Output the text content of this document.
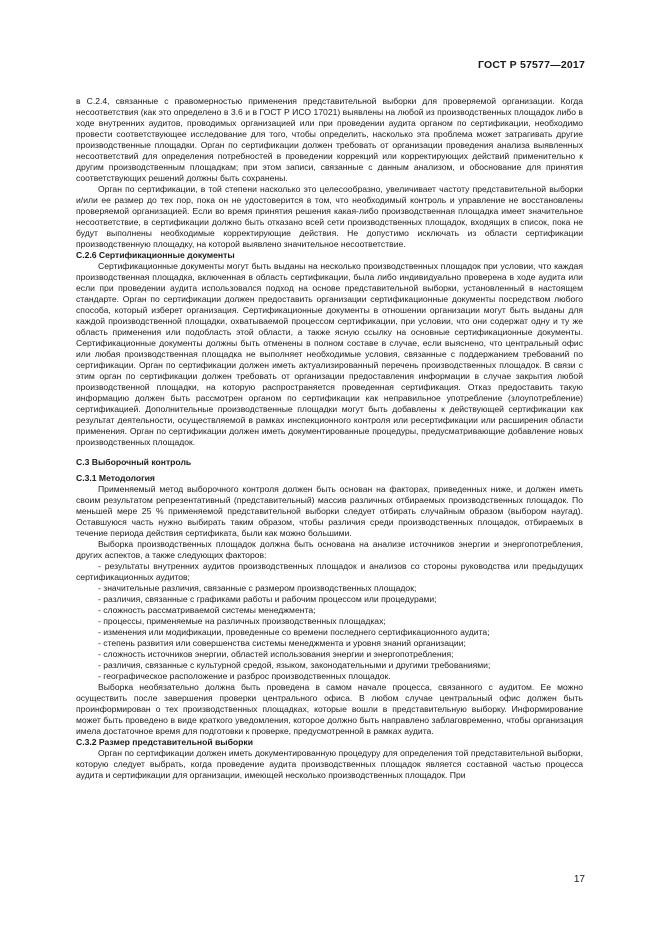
ГОСТ Р 57577—2017

в С.2.4, связанные с правомерностью применения представительной выборки для проверяемой организации. Когда несоответствия (как это определено в 3.6 и в ГОСТ Р ИСО 17021) выявлены на любой из производственных площадок либо в ходе внутренних аудитов, проводимых организацией или при проведении аудита органом по сертификации, необходимо провести соответствующее исследование для того, чтобы определить, насколько эта проблема может затрагивать другие производственные площадки. Орган по сертификации должен требовать от организации проведения анализа выявленных несоответствий для определения потребностей в проведении коррекций или корректирующих действий применительно к другим производственным площадкам; при этом записи, связанные с данным анализом, и обоснование для принятия соответствующих решений должны быть сохранены.

Орган по сертификации, в той степени насколько это целесообразно, увеличивает частоту представительной выборки и/или ее размер до тех пор, пока он не удостоверится в том, что необходимый контроль и управление не восстановлены проверяемой организацией. Если во время принятия решения какая-либо производственная площадка имеет значительное несоответствие, в сертификации должно быть отказано всей сети производственных площадок, входящих в список, пока не будут выполнены необходимые корректирующие действия. Не допустимо исключать из области сертификации производственную площадку, на которой выявлено значительное несоответствие.

С.2.6 Сертификационные документы

Сертификационные документы могут быть выданы на несколько производственных площадок при условии, что каждая производственная площадка, включенная в область сертификации, была либо индивидуально проверена в ходе аудита или если при проведении аудита использовался подход на основе представительной выборки, установленный в настоящем стандарте. Орган по сертификации должен предоставить организации сертификационные документы посредством любого способа, который изберет организация. Сертификационные документы в отношении организации могут быть выданы для каждой производственной площадки, охватываемой процессом сертификации, при условии, что они содержат одну и ту же область применения или подобласть этой области, а также ясную ссылку на основные сертификационные документы. Сертификационные документы должны быть отменены в полном составе в случае, если выяснено, что центральный офис или любая производственная площадка не выполняет необходимые условия, связанные с поддержанием требований по сертификации. Орган по сертификации должен иметь актуализированный перечень производственных площадок. В связи с этим орган по сертификации должен требовать от организации предоставления информации в случае закрытия любой производственной площадки, на которую распространяется проведенная сертификация. Отказ предоставить такую информацию должен быть рассмотрен органом по сертификации как неправильное употребление (злоупотребление) сертификацией. Дополнительные производственные площадки могут быть добавлены к действующей сертификации как результат деятельности, осуществляемой в рамках инспекционного контроля или ресертификации или расширения области применения. Орган по сертификации должен иметь документированные процедуры, предусматривающие добавление новых производственных площадок.

С.3 Выборочный контроль

С.3.1 Методология

Применяемый метод выборочного контроля должен быть основан на факторах, приведенных ниже, и должен иметь своим результатом репрезентативный (представительный) массив различных отбираемых производственных площадок. По меньшей мере 25 % применяемой представительной выборки следует отбирать случайным образом (выбором наугад). Оставшуюся часть нужно выбирать таким образом, чтобы различия среди производственных площадок, отбираемых в течение периода действия сертификата, были как можно большими.

Выборка производственных площадок должна быть основана на анализе источников энергии и энергопотребления, других аспектов, а также следующих факторов:

- результаты внутренних аудитов производственных площадок и анализов со стороны руководства или предыдущих сертификационных аудитов;

- значительные различия, связанные с размером производственных площадок;

- различия, связанные с графиками работы и рабочим процессом или процедурами;

- сложность рассматриваемой системы менеджмента;

- процессы, применяемые на различных производственных площадках;

- изменения или модификации, проведенные со времени последнего сертификационного аудита;

- степень развития или совершенства системы менеджмента и уровня знаний организации;

- сложность источников энергии, областей использования энергии и энергопотребления;

- различия, связанные с культурной средой, языком, законодательными и другими требованиями;

- географическое расположение и разброс производственных площадок.

Выборка необязательно должна быть проведена в самом начале процесса, связанного с аудитом. Ее можно осуществить после завершения проверки центрального офиса. В любом случае центральный офис должен быть проинформирован о тех производственных площадках, которые вошли в представительную выборку. Информирование может быть проведено в виде краткого уведомления, которое должно быть направлено заблаговременно, чтобы организация имела достаточное время для подготовки к проверке, предусмотренной в рамках аудита.

С.3.2 Размер представительной выборки

Орган по сертификации должен иметь документированную процедуру для определения той представительной выборки, которую следует выбрать, когда проведение аудита производственных площадок является составной частью процесса аудита и сертификации для организации, имеющей несколько производственных площадок. При

17
